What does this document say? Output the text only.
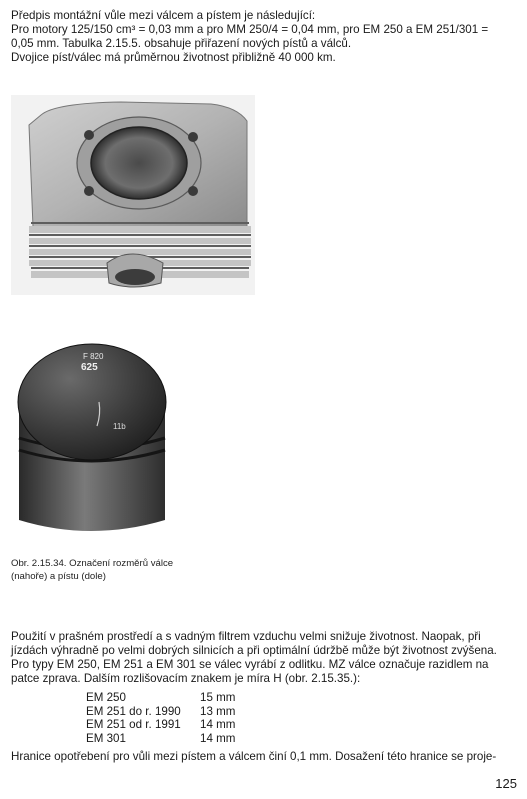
Předpis montážní vůle mezi válcem a pístem je následující:
Pro motory 125/150 cm³ = 0,03 mm a pro MM 250/4 = 0,04 mm, pro EM 250 a EM 251/301 =
0,05 mm. Tabulka 2.15.5. obsahuje přiřazení nových pístů a válců.
Dvojice píst/válec má průměrnou životnost přibližně 40 000 km.

F 820
625
11b
Obr. 2.15.34. Označení rozměrů válce
(nahoře) a pístu (dole)

Použití v prašném prostředí a s vadným filtrem vzduchu velmi snižuje životnost. Naopak, při
jízdách výhradně po velmi dobrých silnicích a při optimální údržbě může být životnost zvýšena.
Pro typy EM 250, EM 251 a EM 301 se válec vyrábí z odlitku. MZ válce označuje razidlem na
patce zprava. Dalším rozlišovacím znakem je míra H (obr. 2.15.35.):

EM 250	15 mm
EM 251 do r. 1990	13 mm
EM 251 od r. 1991	14 mm
EM 301	14 mm

Hranice opotřebení pro vůli mezi pístem a válcem činí 0,1 mm. Dosažení této hranice se proje-

125
